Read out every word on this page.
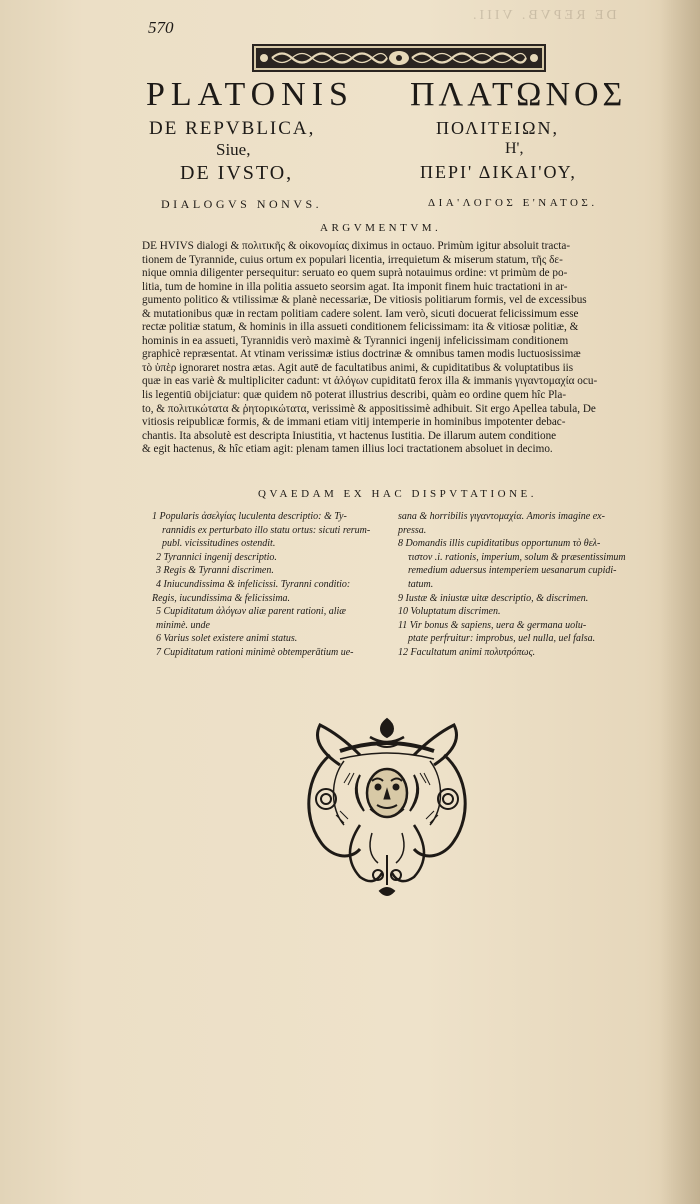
DE REPVB. VIII.
570
PLATONIS
DE REPVBLICA,
Siue,
DE IVSTO,
DIALOGVS NONVS.
ΠΛΑΤΩΝΟΣ
ΠΟΛΙΤΕΙΩΝ,
Η',
ΠΕΡΙ' ΔΙΚΑΙ'ΟΥ,
ΔΙΑ'ΛΟΓΟΣ Ε'ΝΑΤΟΣ.
ARGVMENTVM.
DE HVIVS dialogi & πολιτικῆς & οἰκονομίας diximus in octauo. Primùm igitur absoluit tracta-
tionem de Tyrannide, cuius ortum ex populari licentia, irrequietum & miserum statum, τῆς δε-
nique omnia diligenter persequitur: seruato eo quem suprà notauimus ordine: vt primùm de po-
litia, tum de homine in illa politia assueto seorsim agat. Ita imponit finem huic tractationi in ar-
gumento politico & vtilissimæ & planè necessariæ, De vitiosis politiarum formis, vel de excessibus
& mutationibus quæ in rectam politiam cadere solent. Iam verò, sicuti docuerat felicissimum esse
rectæ politiæ statum, & hominis in illa assueti conditionem felicissimam: ita & vitiosæ politiæ, &
hominis in ea assueti, Tyrannidis verò maximè & Tyrannici ingenij infelicissimam conditionem
graphicè repræsentat. At vtinam verissimæ istius doctrinæ & omnibus tamen modis luctuosissimæ
τὸ ὑπὲρ ignoraret nostra ætas. Agit autē de facultatibus animi, & cupiditatibus & voluptatibus iis
quæ in eas variè & multipliciter cadunt: vt ἀλόγων cupiditatū ferox illa & immanis γιγαντομαχία ocu-
lis legentiū obijciatur: quæ quidem nō poterat illustrius describi, quàm eo ordine quem hîc Pla-
to, & πολιτικώτατα & ῥητορικώτατα, verissimè & appositissimè adhibuit. Sit ergo Apellea tabula, De
vitiosis reipublicæ formis, & de immani etiam vitij intemperie in hominibus impotenter debac-
chantis. Ita absolutè est descripta Iniustitia, vt hactenus Iustitia. De illarum autem conditione
& egit hactenus, & hîc etiam agit: plenam tamen illius loci tractationem absoluet in decimo.
QVAEDAM EX HAC DISPVTATIONE.
1 Popularis ἀσελγίας luculenta descriptio: & Ty-
rannidis ex perturbato illo statu ortus: sicuti rerum-
publ. vicissitudines ostendit.
2 Tyrannici ingenij descriptio.
3 Regis & Tyranni discrimen.
4 Iniucundissima & infelicissi. Tyranni conditio:
Regis, iucundissima & felicissima.
5 Cupiditatum ἀλόγων aliæ parent rationi, aliæ
minimè. unde
6 Varius solet existere animi status.
7 Cupiditatum rationi minimè obtemperātium ue-
sana & horribilis γιγαντομαχία. Amoris imagine ex-
pressa.
8 Domandis illis cupiditatibus opportunum τὸ θελ-
τιστον .i. rationis, imperium, solum & præsentissimum
remedium aduersus intemperiem uesanarum cupidi-
tatum.
9 Iustæ & iniustæ uitæ descriptio, & discrimen.
10 Voluptatum discrimen.
11 Vir bonus & sapiens, uera & germana uolu-
ptate perfruitur: improbus, uel nulla, uel falsa.
12 Facultatum animi πολυτρόπως.
